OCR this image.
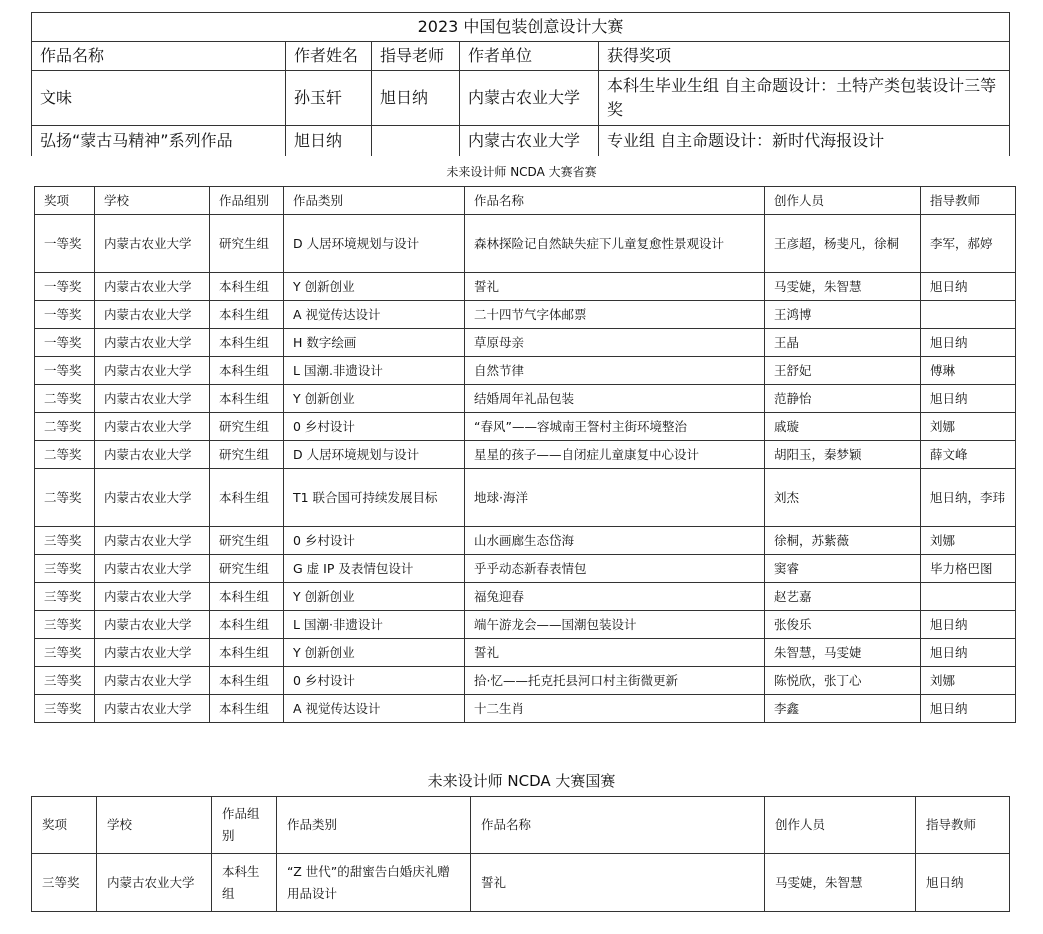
2023 中国包装创意设计大赛				
作品名称	作者姓名	指导老师	作者单位	获得奖项
文味	孙玉轩	旭日纳	内蒙古农业大学	本科生毕业生组 自主命题设计：土特产类包装设计三等奖
弘扬“蒙古马精神”系列作品	旭日纳		内蒙古农业大学	专业组 自主命题设计：新时代海报设计
未来设计师 NCDA 大赛省赛
奖项	学校	作品组别	作品类别	作品名称	创作人员	指导教师
一等奖	内蒙古农业大学	研究生组	D 人居环境规划与设计	森林探险记自然缺失症下儿童复愈性景观设计	王彦超，杨斐凡，徐桐	李军，郝婷
一等奖	内蒙古农业大学	本科生组	Y 创新创业	誓礼	马雯婕，朱智慧	旭日纳
一等奖	内蒙古农业大学	本科生组	A 视觉传达设计	二十四节气字体邮票	王鸿博	
一等奖	内蒙古农业大学	本科生组	H 数字绘画	草原母亲	王晶	旭日纳
一等奖	内蒙古农业大学	本科生组	L 国潮.非遗设计	自然节律	王舒妃	傅琳
二等奖	内蒙古农业大学	本科生组	Y 创新创业	结婚周年礼品包装	范静怡	旭日纳
二等奖	内蒙古农业大学	研究生组	0 乡村设计	“春风”——容城南王詧村主街环境整治	戚璇	刘娜
二等奖	内蒙古农业大学	研究生组	D 人居环境规划与设计	星星的孩子——自闭症儿童康复中心设计	胡阳玉，秦梦颖	薛文峰
二等奖	内蒙古农业大学	本科生组	T1 联合国可持续发展目标	地球·海洋	刘杰	旭日纳，李玮
三等奖	内蒙古农业大学	研究生组	0 乡村设计	山水画廊生态岱海	徐桐，苏紫薇	刘娜
三等奖	内蒙古农业大学	研究生组	G 虚 IP 及表情包设计	乎乎动态新春表情包	窦睿	毕力格巴图
三等奖	内蒙古农业大学	本科生组	Y 创新创业	福兔迎春	赵艺嘉	
三等奖	内蒙古农业大学	本科生组	L 国潮·非遗设计	端午游龙会——国潮包装设计	张俊乐	旭日纳
三等奖	内蒙古农业大学	本科生组	Y 创新创业	誓礼	朱智慧，马雯婕	旭日纳
三等奖	内蒙古农业大学	本科生组	0 乡村设计	拾·忆——托克托县河口村主街微更新	陈悦欣，张丁心	刘娜
三等奖	内蒙古农业大学	本科生组	A 视觉传达设计	十二生肖	李鑫	旭日纳
未来设计师 NCDA 大赛国赛
奖项	学校	作品组别	作品类别	作品名称	创作人员	指导教师
三等奖	内蒙古农业大学	本科生组	“Z 世代”的甜蜜告白婚庆礼赠用品设计	誓礼	马雯婕，朱智慧	旭日纳
